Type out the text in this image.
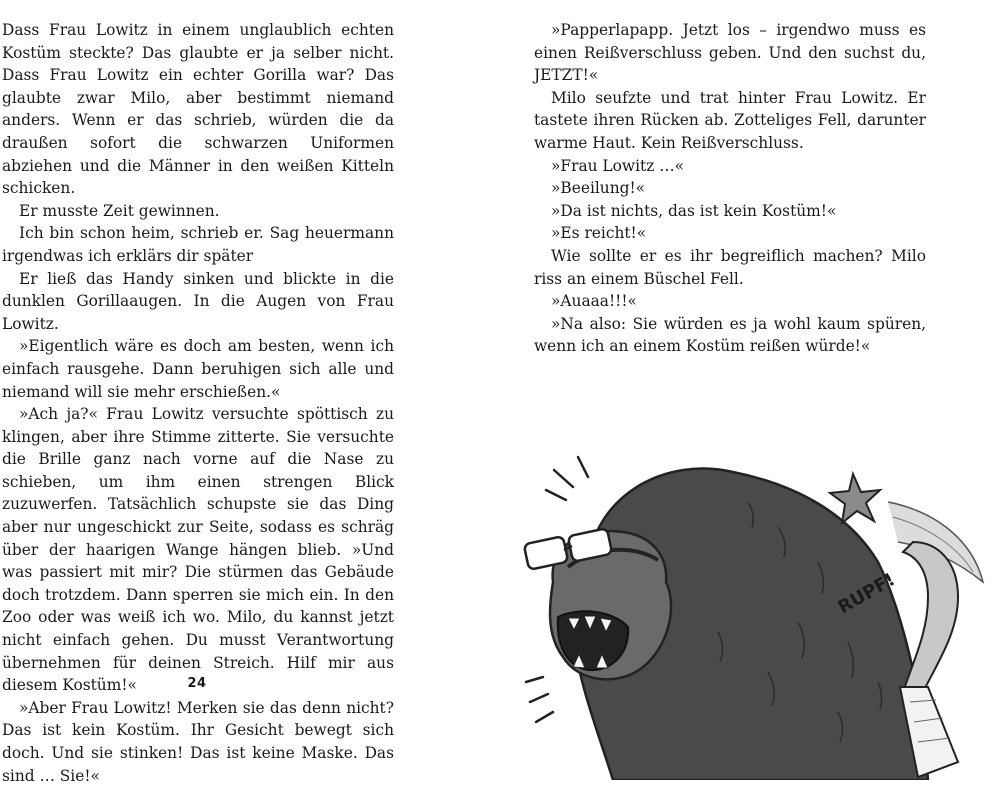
Dass Frau Lowitz in einem unglaublich echten Kostüm steckte? Das glaubte er ja selber nicht. Dass Frau Lowitz ein echter Gorilla war? Das glaubte zwar Milo, aber bestimmt niemand anders. Wenn er das schrieb, würden die da draußen sofort die schwarzen Uniformen abziehen und die Männer in den weißen Kitteln schicken.

Er musste Zeit gewinnen.

Ich bin schon heim, schrieb er. Sag heuermann irgendwas ich erklärs dir später

Er ließ das Handy sinken und blickte in die dunklen Gorillaaugen. In die Augen von Frau Lowitz.

»Eigentlich wäre es doch am besten, wenn ich einfach rausgehe. Dann beruhigen sich alle und niemand will sie mehr erschießen.«

»Ach ja?« Frau Lowitz versuchte spöttisch zu klingen, aber ihre Stimme zitterte. Sie versuchte die Brille ganz nach vorne auf die Nase zu schieben, um ihm einen strengen Blick zuzuwerfen. Tatsächlich schupste sie das Ding aber nur ungeschickt zur Seite, sodass es schräg über der haarigen Wange hängen blieb. »Und was passiert mit mir? Die stürmen das Gebäude doch trotzdem. Dann sperren sie mich ein. In den Zoo oder was weiß ich wo. Milo, du kannst jetzt nicht einfach gehen. Du musst Verantwortung übernehmen für deinen Streich. Hilf mir aus diesem Kostüm!«

»Aber Frau Lowitz! Merken sie das denn nicht? Das ist kein Kostüm. Ihr Gesicht bewegt sich doch. Und sie stinken! Das ist keine Maske. Das sind … Sie!«

24

»Papperlapapp. Jetzt los – irgendwo muss es einen Reißverschluss geben. Und den suchst du, JETZT!«

Milo seufzte und trat hinter Frau Lowitz. Er tastete ihren Rücken ab. Zotteliges Fell, darunter warme Haut. Kein Reißverschluss.

»Frau Lowitz …«

»Beeilung!«

»Da ist nichts, das ist kein Kostüm!«

»Es reicht!«

Wie sollte er es ihr begreiflich machen? Milo riss an einem Büschel Fell.

»Auaaa!!!«

»Na also: Sie würden es ja wohl kaum spüren, wenn ich an einem Kostüm reißen würde!«

RUPF!
